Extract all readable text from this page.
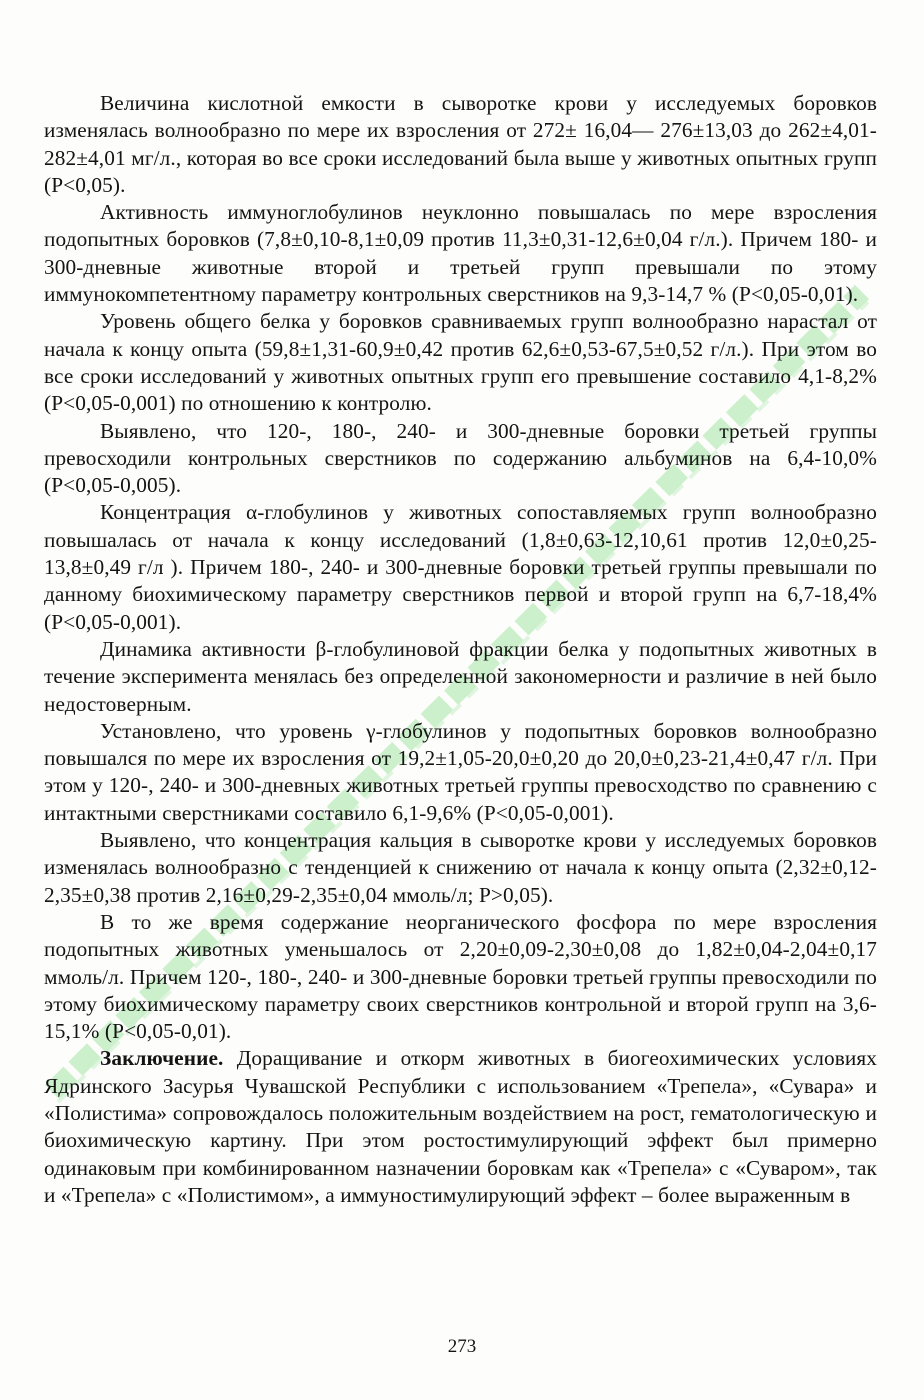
Величина кислотной емкости в сыворотке крови у исследуемых боровков изменялась волнообразно по мере их взросления от 272± 16,04— 276±13,03 до 262±4,01-282±4,01 мг/л., которая во все сроки исследований была выше у животных опытных групп (Р<0,05).

Активность иммуноглобулинов неуклонно повышалась по мере взросления подопытных боровков (7,8±0,10-8,1±0,09 против 11,3±0,31-12,6±0,04 г/л.). Причем 180- и 300-дневные животные второй и третьей групп превышали по этому иммунокомпетентному параметру контрольных сверстников на 9,3-14,7 % (Р<0,05-0,01).

Уровень общего белка у боровков сравниваемых групп волнообразно нарастал от начала к концу опыта (59,8±1,31-60,9±0,42 против 62,6±0,53-67,5±0,52 г/л.). При этом во все сроки исследований у животных опытных групп его превышение составило 4,1-8,2% (Р<0,05-0,001) по отношению к контролю.

Выявлено, что 120-, 180-, 240- и 300-дневные боровки третьей группы превосходили контрольных сверстников по содержанию альбуминов на 6,4-10,0% (Р<0,05-0,005).

Концентрация α-глобулинов у животных сопоставляемых групп волнообразно повышалась от начала к концу исследований (1,8±0,63-12,10,61 против 12,0±0,25-13,8±0,49 г/л ). Причем 180-, 240- и 300-дневные боровки третьей группы превышали по данному биохимическому параметру сверстников первой и второй групп на 6,7-18,4% (Р<0,05-0,001).

Динамика активности β-глобулиновой фракции белка у подопытных животных в течение эксперимента менялась без определенной закономерности и различие в ней было недостоверным.

Установлено, что уровень γ-глобулинов у подопытных боровков волнообразно повышался по мере их взросления от 19,2±1,05-20,0±0,20 до 20,0±0,23-21,4±0,47 г/л. При этом у 120-, 240- и 300-дневных животных третьей группы превосходство по сравнению с интактными сверстниками составило 6,1-9,6% (Р<0,05-0,001).

Выявлено, что концентрация кальция в сыворотке крови у исследуемых боровков изменялась волнообразно с тенденцией к снижению от начала к концу опыта (2,32±0,12-2,35±0,38 против 2,16±0,29-2,35±0,04 ммоль/л; Р>0,05).

В то же время содержание неорганического фосфора по мере взросления подопытных животных уменьшалось от 2,20±0,09-2,30±0,08 до 1,82±0,04-2,04±0,17 ммоль/л. Причем 120-, 180-, 240- и 300-дневные боровки третьей группы превосходили по этому биохимическому параметру своих сверстников контрольной и второй групп на 3,6-15,1% (Р<0,05-0,01).

Заключение. Доращивание и откорм животных в биогеохимических условиях Ядринского Засурья Чувашской Республики с использованием «Трепела», «Сувара» и «Полистима» сопровождалось положительным воздействием на рост, гематологическую и биохимическую картину. При этом ростостимулирующий эффект был примерно одинаковым при комбинированном назначении боровкам как «Трепела» с «Суваром», так и «Трепела» с «Полистимом», а иммуностимулирующий эффект – более выраженным в

273
